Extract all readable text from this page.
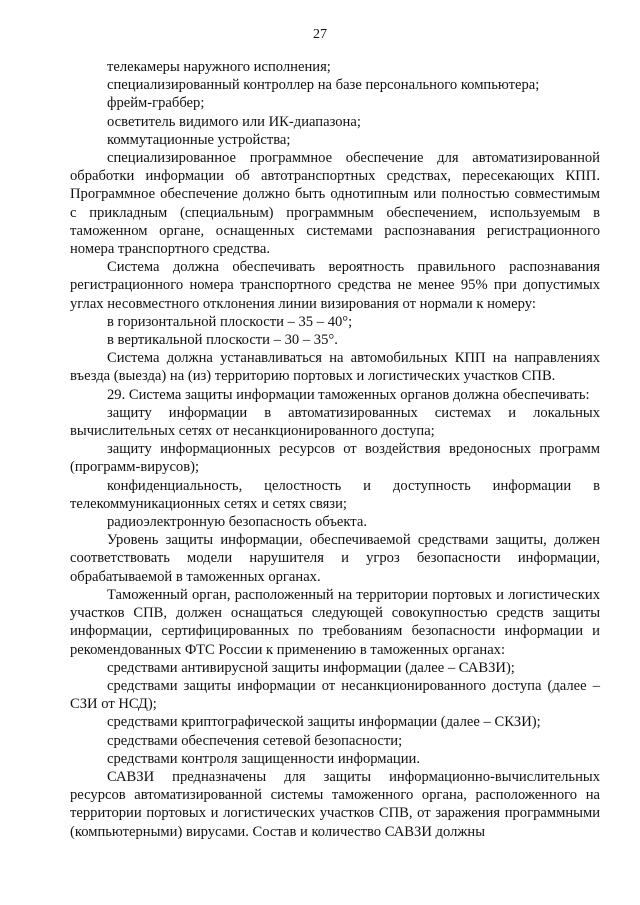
27

телекамеры наружного исполнения;

специализированный контроллер на базе персонального компьютера;

фрейм-граббер;

осветитель видимого или ИК-диапазона;

коммутационные устройства;

специализированное программное обеспечение для автоматизированной обработки информации об автотранспортных средствах, пересекающих КПП. Программное обеспечение должно быть однотипным или полностью совместимым с прикладным (специальным) программным обеспечением, используемым в таможенном органе, оснащенных системами распознавания регистрационного номера транспортного средства.

Система должна обеспечивать вероятность правильного распознавания регистрационного номера транспортного средства не менее 95% при допустимых углах несовместного отклонения линии визирования от нормали к номеру:

в горизонтальной плоскости – 35 – 40°;

в вертикальной плоскости – 30 – 35°.

Система должна устанавливаться на автомобильных КПП на направлениях въезда (выезда) на (из) территорию портовых и логистических участков СПВ.

29. Система защиты информации таможенных органов должна обеспечивать:

защиту информации в автоматизированных системах и локальных вычислительных сетях от несанкционированного доступа;

защиту информационных ресурсов от воздействия вредоносных программ (программ-вирусов);

конфиденциальность, целостность и доступность информации в телекоммуникационных сетях и сетях связи;

радиоэлектронную безопасность объекта.

Уровень защиты информации, обеспечиваемой средствами защиты, должен соответствовать модели нарушителя и угроз безопасности информации, обрабатываемой в таможенных органах.

Таможенный орган, расположенный на территории портовых и логистических участков СПВ, должен оснащаться следующей совокупностью средств защиты информации, сертифицированных по требованиям безопасности информации и рекомендованных ФТС России к применению в таможенных органах:

средствами антивирусной защиты информации (далее – САВЗИ);

средствами защиты информации от несанкционированного доступа (далее – СЗИ от НСД);

средствами криптографической защиты информации (далее – СКЗИ);

средствами обеспечения сетевой безопасности;

средствами контроля защищенности информации.

САВЗИ предназначены для защиты информационно-вычислительных ресурсов автоматизированной системы таможенного органа, расположенного на территории портовых и логистических участков СПВ, от заражения программными (компьютерными) вирусами. Состав и количество САВЗИ должны
